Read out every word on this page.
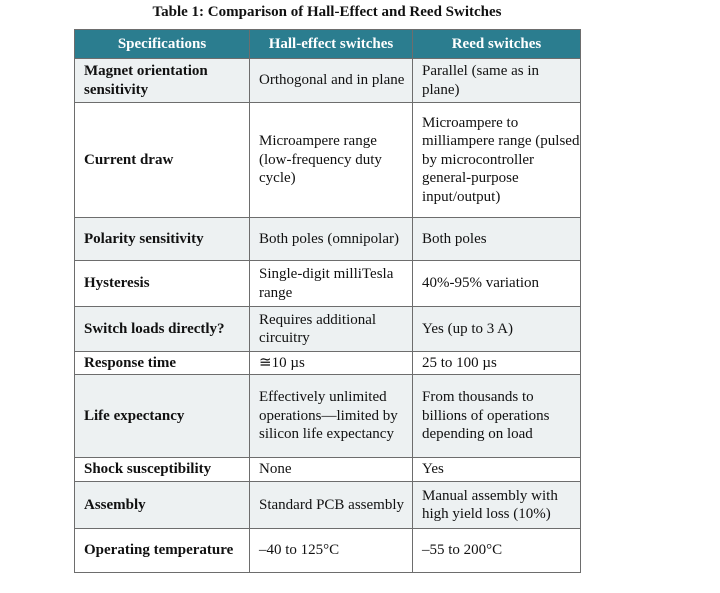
Table 1: Comparison of Hall-Effect and Reed Switches
Specifications	Hall-effect switches	Reed switches
Magnet orientation sensitivity	Orthogonal and in plane	Parallel (same as in plane)
Current draw	Microampere range (low-frequency duty cycle)	Microampere to milliampere range (pulsed by microcontroller general-purpose input/output)
Polarity sensitivity	Both poles (omnipolar)	Both poles
Hysteresis	Single-digit milliTesla range	40%-95% variation
Switch loads directly?	Requires additional circuitry	Yes (up to 3 A)
Response time	≅10 µs	25 to 100 µs
Life expectancy	Effectively unlimited operations—limited by silicon life expectancy	From thousands to billions of operations depending on load
Shock susceptibility	None	Yes
Assembly	Standard PCB assembly	Manual assembly with high yield loss (10%)
Operating temperature	–40 to 125°C	–55 to 200°C
